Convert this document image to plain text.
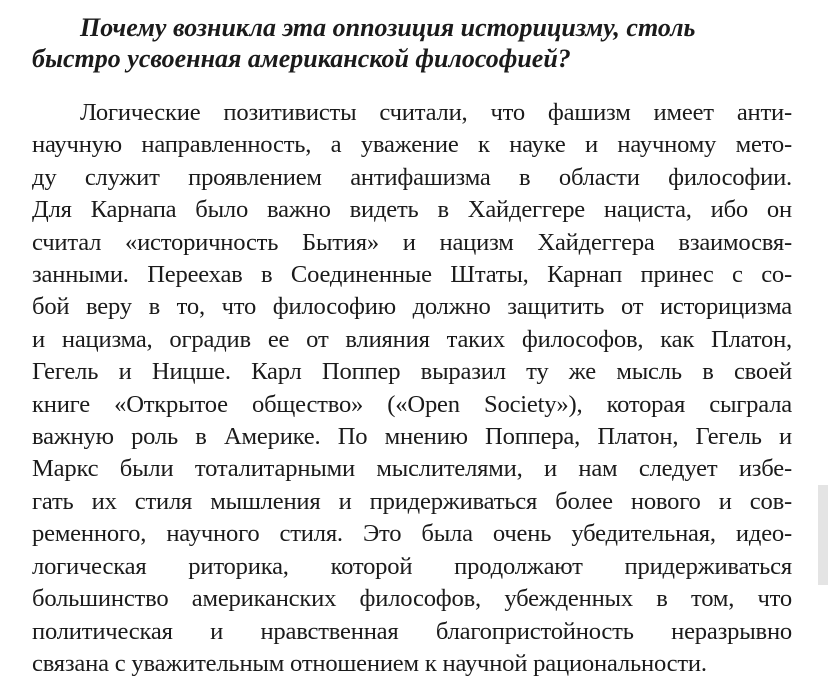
Почему возникла эта оппозиция историцизму, столь
быстро усвоенная американской философией?
Логические позитивисты считали, что фашизм имеет анти-
научную направленность, а уважение к науке и научному мето-
ду служит проявлением антифашизма в области философии.
Для Карнапа было важно видеть в Хайдеггере нациста, ибо он
считал «историчность Бытия» и нацизм Хайдеггера взаимосвя-
занными. Переехав в Соединенные Штаты, Карнап принес с со-
бой веру в то, что философию должно защитить от историцизма
и нацизма, оградив ее от влияния таких философов, как Платон,
Гегель и Ницше. Карл Поппер выразил ту же мысль в своей
книге «Открытое общество» («Open Society»), которая сыграла
важную роль в Америке. По мнению Поппера, Платон, Гегель и
Маркс были тоталитарными мыслителями, и нам следует избе-
гать их стиля мышления и придерживаться более нового и сов-
ременного, научного стиля. Это была очень убедительная, идео-
логическая риторика, которой продолжают придерживаться
большинство американских философов, убежденных в том, что
политическая и нравственная благопристойность неразрывно
связана с уважительным отношением к научной рациональности.
